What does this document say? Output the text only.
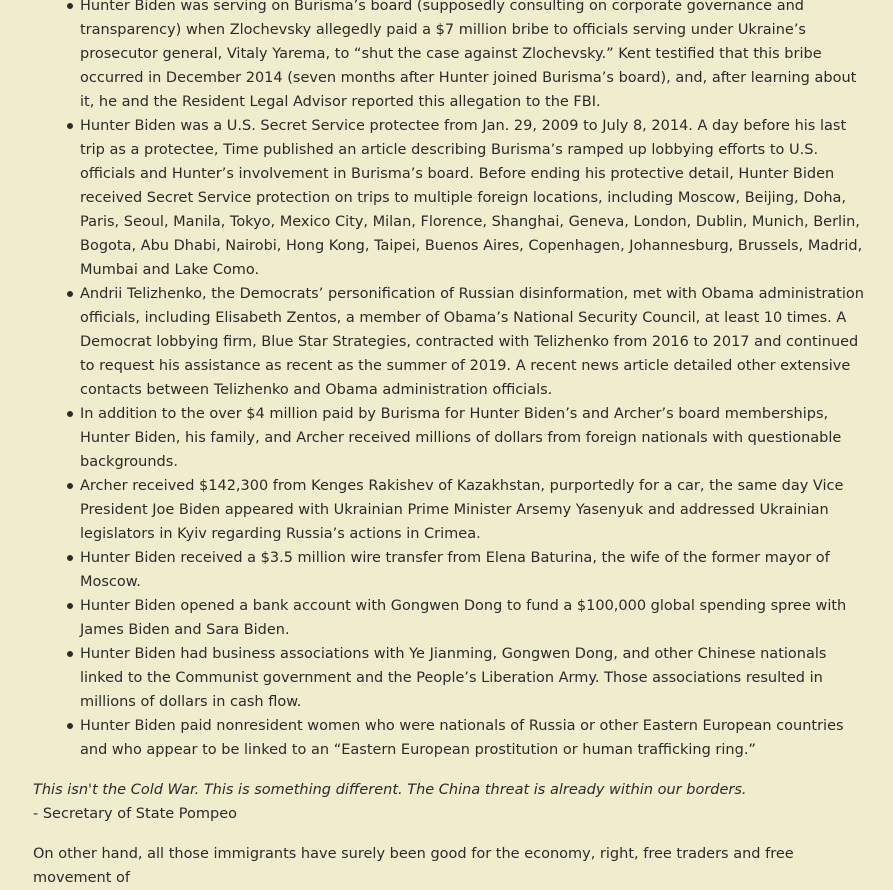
Hunter Biden was serving on Burisma’s board (supposedly consulting on corporate governance and transparency) when Zlochevsky allegedly paid a $7 million bribe to officials serving under Ukraine’s prosecutor general, Vitaly Yarema, to “shut the case against Zlochevsky.” Kent testified that this bribe occurred in December 2014 (seven months after Hunter joined Burisma’s board), and, after learning about it, he and the Resident Legal Advisor reported this allegation to the FBI.
Hunter Biden was a U.S. Secret Service protectee from Jan. 29, 2009 to July 8, 2014. A day before his last trip as a protectee, Time published an article describing Burisma’s ramped up lobbying efforts to U.S. officials and Hunter’s involvement in Burisma’s board. Before ending his protective detail, Hunter Biden received Secret Service protection on trips to multiple foreign locations, including Moscow, Beijing, Doha, Paris, Seoul, Manila, Tokyo, Mexico City, Milan, Florence, Shanghai, Geneva, London, Dublin, Munich, Berlin, Bogota, Abu Dhabi, Nairobi, Hong Kong, Taipei, Buenos Aires, Copenhagen, Johannesburg, Brussels, Madrid, Mumbai and Lake Como.
Andrii Telizhenko, the Democrats’ personification of Russian disinformation, met with Obama administration officials, including Elisabeth Zentos, a member of Obama’s National Security Council, at least 10 times. A Democrat lobbying firm, Blue Star Strategies, contracted with Telizhenko from 2016 to 2017 and continued to request his assistance as recent as the summer of 2019. A recent news article detailed other extensive contacts between Telizhenko and Obama administration officials.
In addition to the over $4 million paid by Burisma for Hunter Biden’s and Archer’s board memberships, Hunter Biden, his family, and Archer received millions of dollars from foreign nationals with questionable backgrounds.
Archer received $142,300 from Kenges Rakishev of Kazakhstan, purportedly for a car, the same day Vice President Joe Biden appeared with Ukrainian Prime Minister Arsemy Yasenyuk and addressed Ukrainian legislators in Kyiv regarding Russia’s actions in Crimea.
Hunter Biden received a $3.5 million wire transfer from Elena Baturina, the wife of the former mayor of Moscow.
Hunter Biden opened a bank account with Gongwen Dong to fund a $100,000 global spending spree with James Biden and Sara Biden.
Hunter Biden had business associations with Ye Jianming, Gongwen Dong, and other Chinese nationals linked to the Communist government and the People’s Liberation Army. Those associations resulted in millions of dollars in cash flow.
Hunter Biden paid nonresident women who were nationals of Russia or other Eastern European countries and who appear to be linked to an “Eastern European prostitution or human trafficking ring.”
This isn't the Cold War. This is something different. The China threat is already within our borders.
- Secretary of State Pompeo

On other hand, all those immigrants have surely been good for the economy, right, free traders and free movement of
